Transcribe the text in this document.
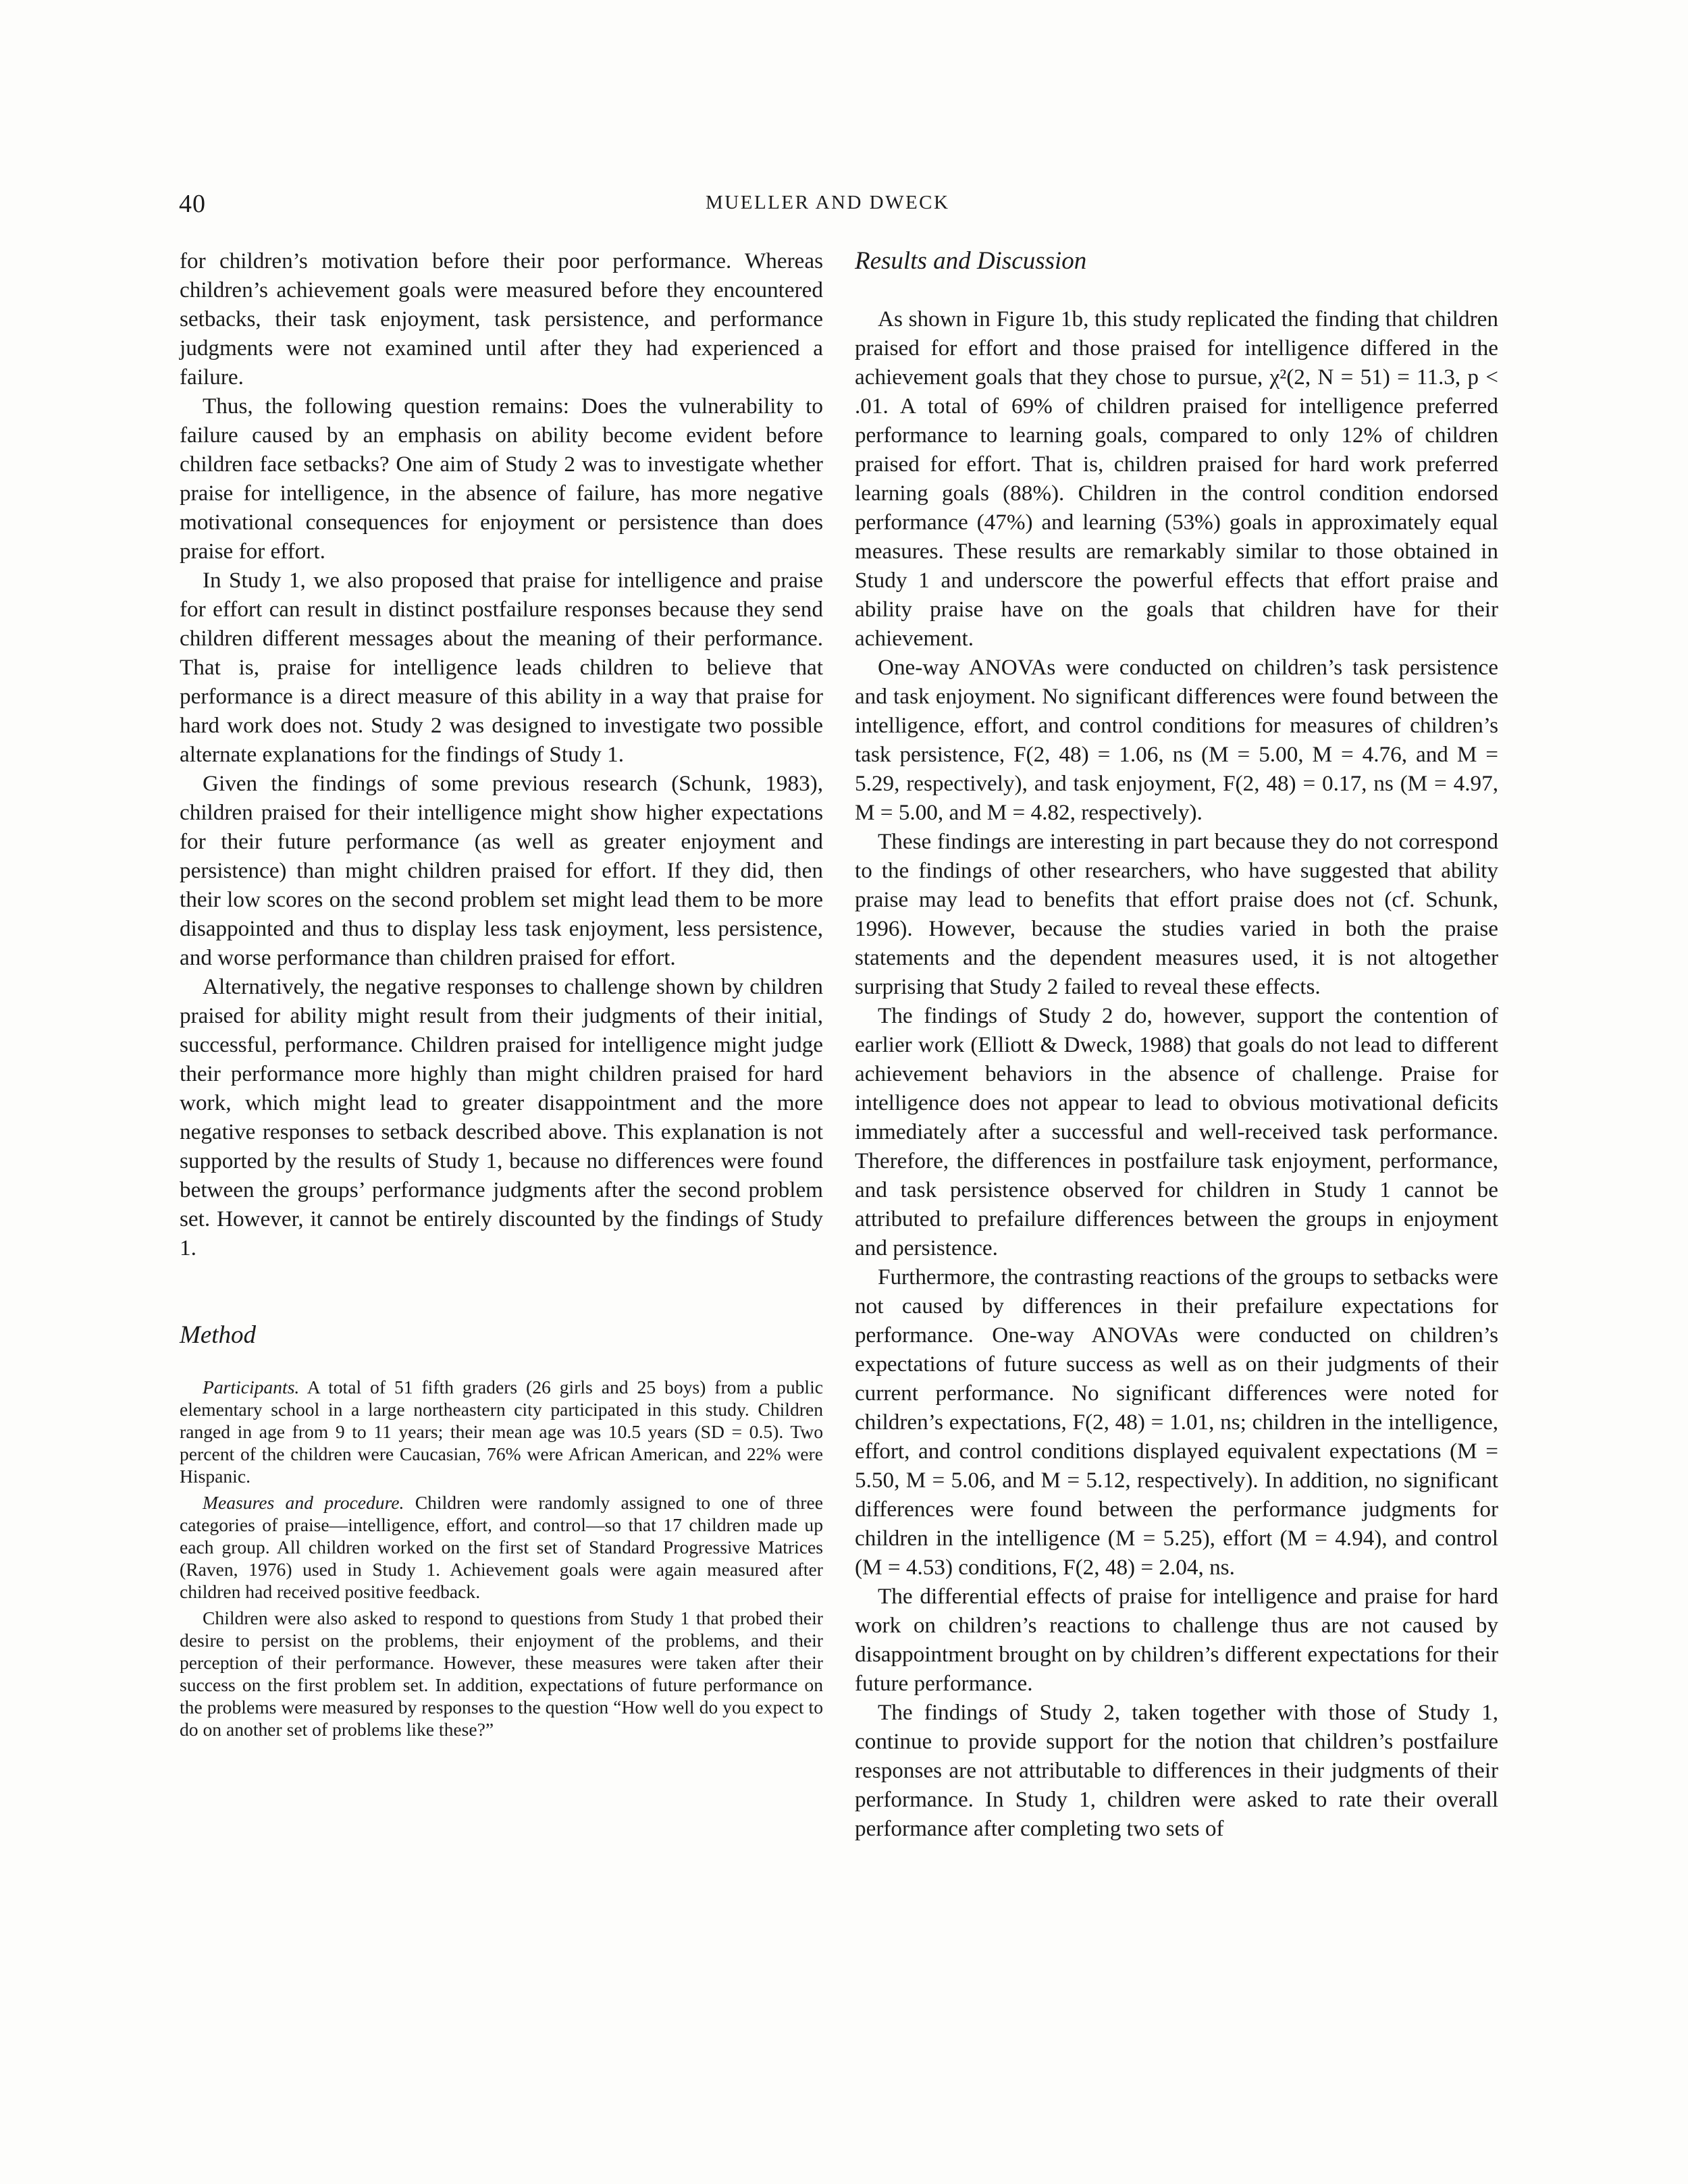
40	MUELLER AND DWECK

for children’s motivation before their poor performance. Whereas children’s achievement goals were measured before they encountered setbacks, their task enjoyment, task persistence, and performance judgments were not examined until after they had experienced a failure.

Thus, the following question remains: Does the vulnerability to failure caused by an emphasis on ability become evident before children face setbacks? One aim of Study 2 was to investigate whether praise for intelligence, in the absence of failure, has more negative motivational consequences for enjoyment or persistence than does praise for effort.

In Study 1, we also proposed that praise for intelligence and praise for effort can result in distinct postfailure responses because they send children different messages about the meaning of their performance. That is, praise for intelligence leads children to believe that performance is a direct measure of this ability in a way that praise for hard work does not. Study 2 was designed to investigate two possible alternate explanations for the findings of Study 1.

Given the findings of some previous research (Schunk, 1983), children praised for their intelligence might show higher expectations for their future performance (as well as greater enjoyment and persistence) than might children praised for effort. If they did, then their low scores on the second problem set might lead them to be more disappointed and thus to display less task enjoyment, less persistence, and worse performance than children praised for effort.

Alternatively, the negative responses to challenge shown by children praised for ability might result from their judgments of their initial, successful, performance. Children praised for intelligence might judge their performance more highly than might children praised for hard work, which might lead to greater disappointment and the more negative responses to setback described above. This explanation is not supported by the results of Study 1, because no differences were found between the groups’ performance judgments after the second problem set. However, it cannot be entirely discounted by the findings of Study 1.

Method

Participants. A total of 51 fifth graders (26 girls and 25 boys) from a public elementary school in a large northeastern city participated in this study. Children ranged in age from 9 to 11 years; their mean age was 10.5 years (SD = 0.5). Two percent of the children were Caucasian, 76% were African American, and 22% were Hispanic.

Measures and procedure. Children were randomly assigned to one of three categories of praise—intelligence, effort, and control—so that 17 children made up each group. All children worked on the first set of Standard Progressive Matrices (Raven, 1976) used in Study 1. Achievement goals were again measured after children had received positive feedback.

Children were also asked to respond to questions from Study 1 that probed their desire to persist on the problems, their enjoyment of the problems, and their perception of their performance. However, these measures were taken after their success on the first problem set. In addition, expectations of future performance on the problems were measured by responses to the question “How well do you expect to do on another set of problems like these?”

Results and Discussion

As shown in Figure 1b, this study replicated the finding that children praised for effort and those praised for intelligence differed in the achievement goals that they chose to pursue, χ²(2, N = 51) = 11.3, p < .01. A total of 69% of children praised for intelligence preferred performance to learning goals, compared to only 12% of children praised for effort. That is, children praised for hard work preferred learning goals (88%). Children in the control condition endorsed performance (47%) and learning (53%) goals in approximately equal measures. These results are remarkably similar to those obtained in Study 1 and underscore the powerful effects that effort praise and ability praise have on the goals that children have for their achievement.

One-way ANOVAs were conducted on children’s task persistence and task enjoyment. No significant differences were found between the intelligence, effort, and control conditions for measures of children’s task persistence, F(2, 48) = 1.06, ns (M = 5.00, M = 4.76, and M = 5.29, respectively), and task enjoyment, F(2, 48) = 0.17, ns (M = 4.97, M = 5.00, and M = 4.82, respectively).

These findings are interesting in part because they do not correspond to the findings of other researchers, who have suggested that ability praise may lead to benefits that effort praise does not (cf. Schunk, 1996). However, because the studies varied in both the praise statements and the dependent measures used, it is not altogether surprising that Study 2 failed to reveal these effects.

The findings of Study 2 do, however, support the contention of earlier work (Elliott & Dweck, 1988) that goals do not lead to different achievement behaviors in the absence of challenge. Praise for intelligence does not appear to lead to obvious motivational deficits immediately after a successful and well-received task performance. Therefore, the differences in postfailure task enjoyment, performance, and task persistence observed for children in Study 1 cannot be attributed to prefailure differences between the groups in enjoyment and persistence.

Furthermore, the contrasting reactions of the groups to setbacks were not caused by differences in their prefailure expectations for performance. One-way ANOVAs were conducted on children’s expectations of future success as well as on their judgments of their current performance. No significant differences were noted for children’s expectations, F(2, 48) = 1.01, ns; children in the intelligence, effort, and control conditions displayed equivalent expectations (M = 5.50, M = 5.06, and M = 5.12, respectively). In addition, no significant differences were found between the performance judgments for children in the intelligence (M = 5.25), effort (M = 4.94), and control (M = 4.53) conditions, F(2, 48) = 2.04, ns.

The differential effects of praise for intelligence and praise for hard work on children’s reactions to challenge thus are not caused by disappointment brought on by children’s different expectations for their future performance.

The findings of Study 2, taken together with those of Study 1, continue to provide support for the notion that children’s postfailure responses are not attributable to differences in their judgments of their performance. In Study 1, children were asked to rate their overall performance after completing two sets of
